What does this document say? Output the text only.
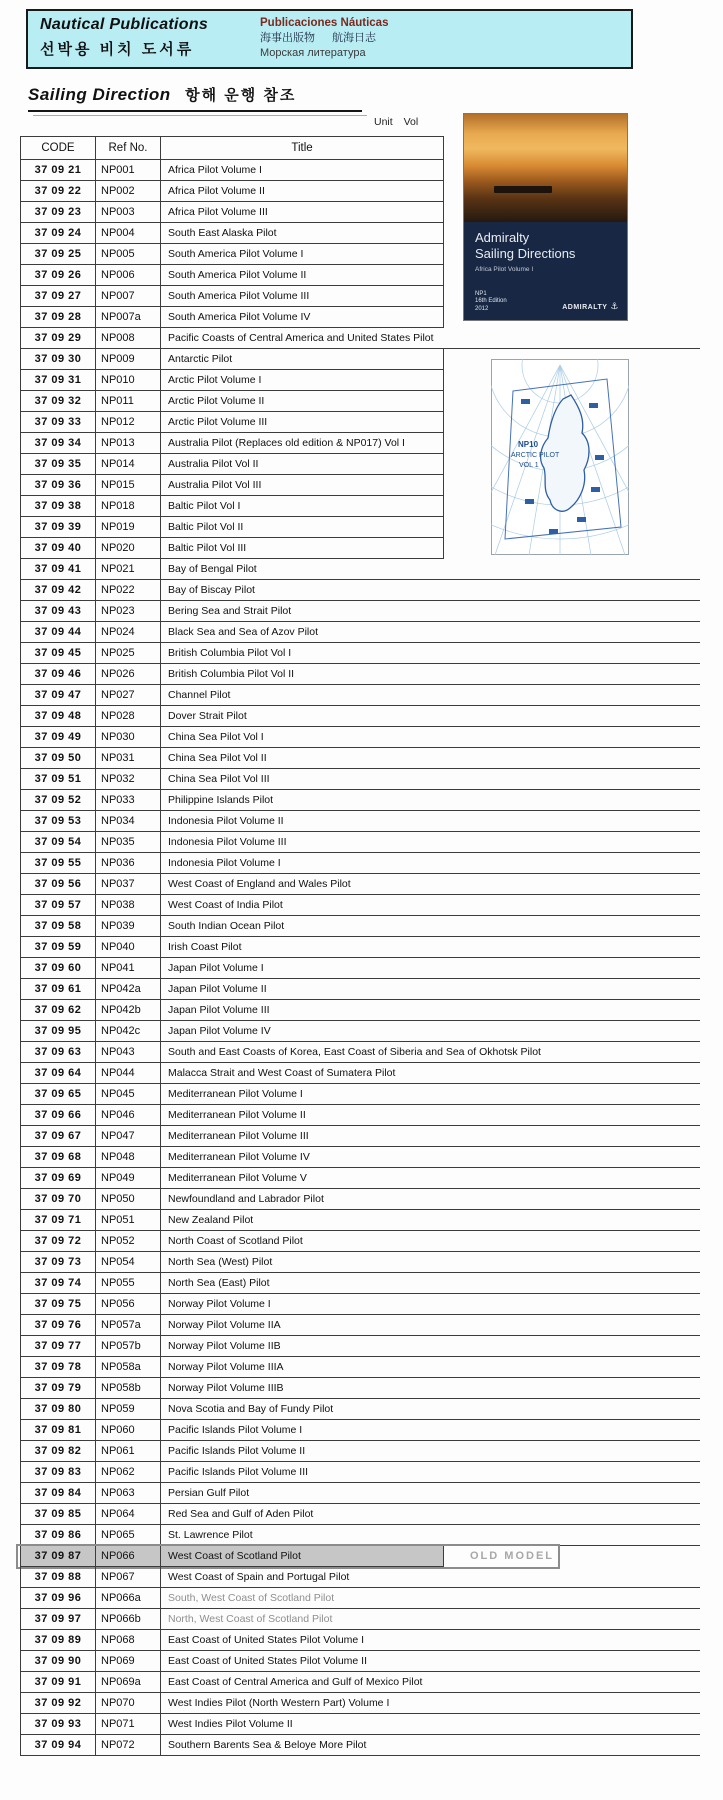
Nautical Publications
선박용 비치 도서류
Publicaciones Náuticas
海事出版物 航海日志
Морская литература
Sailing Direction 항해 운행 참조
Unit Vol
CODE	Ref No.	Title
37 09 21	NP001	Africa Pilot Volume I
37 09 22	NP002	Africa Pilot Volume II
37 09 23	NP003	Africa Pilot Volume III
37 09 24	NP004	South East Alaska Pilot
37 09 25	NP005	South America Pilot Volume I
37 09 26	NP006	South America Pilot Volume II
37 09 27	NP007	South America Pilot Volume III
37 09 28	NP007a	South America Pilot Volume IV
37 09 29	NP008	Pacific Coasts of Central America and United States Pilot
37 09 30	NP009	Antarctic Pilot
37 09 31	NP010	Arctic Pilot Volume I
37 09 32	NP011	Arctic Pilot Volume II
37 09 33	NP012	Arctic Pilot Volume III
37 09 34	NP013	Australia Pilot (Replaces old edition & NP017) Vol I
37 09 35	NP014	Australia Pilot Vol II
37 09 36	NP015	Australia Pilot Vol III
37 09 38	NP018	Baltic Pilot Vol I
37 09 39	NP019	Baltic Pilot Vol II
37 09 40	NP020	Baltic Pilot Vol III
37 09 41	NP021	Bay of Bengal Pilot
37 09 42	NP022	Bay of Biscay Pilot
37 09 43	NP023	Bering Sea and Strait Pilot
37 09 44	NP024	Black Sea and Sea of Azov Pilot
37 09 45	NP025	British Columbia Pilot Vol I
37 09 46	NP026	British Columbia Pilot Vol II
37 09 47	NP027	Channel Pilot
37 09 48	NP028	Dover Strait Pilot
37 09 49	NP030	China Sea Pilot Vol I
37 09 50	NP031	China Sea Pilot Vol II
37 09 51	NP032	China Sea Pilot Vol III
37 09 52	NP033	Philippine Islands Pilot
37 09 53	NP034	Indonesia Pilot Volume II
37 09 54	NP035	Indonesia Pilot Volume III
37 09 55	NP036	Indonesia Pilot Volume I
37 09 56	NP037	West Coast of England and Wales Pilot
37 09 57	NP038	West Coast of India Pilot
37 09 58	NP039	South Indian Ocean Pilot
37 09 59	NP040	Irish Coast Pilot
37 09 60	NP041	Japan Pilot Volume I
37 09 61	NP042a	Japan Pilot Volume II
37 09 62	NP042b	Japan Pilot Volume III
37 09 95	NP042c	Japan Pilot Volume IV
37 09 63	NP043	South and East Coasts of Korea, East Coast of Siberia and Sea of Okhotsk Pilot
37 09 64	NP044	Malacca Strait and West Coast of Sumatera Pilot
37 09 65	NP045	Mediterranean Pilot Volume I
37 09 66	NP046	Mediterranean Pilot Volume II
37 09 67	NP047	Mediterranean Pilot Volume III
37 09 68	NP048	Mediterranean Pilot Volume IV
37 09 69	NP049	Mediterranean Pilot Volume V
37 09 70	NP050	Newfoundland and Labrador Pilot
37 09 71	NP051	New Zealand Pilot
37 09 72	NP052	North Coast of Scotland Pilot
37 09 73	NP054	North Sea (West) Pilot
37 09 74	NP055	North Sea (East) Pilot
37 09 75	NP056	Norway Pilot Volume I
37 09 76	NP057a	Norway Pilot Volume IIA
37 09 77	NP057b	Norway Pilot Volume IIB
37 09 78	NP058a	Norway Pilot Volume IIIA
37 09 79	NP058b	Norway Pilot Volume IIIB
37 09 80	NP059	Nova Scotia and Bay of Fundy Pilot
37 09 81	NP060	Pacific Islands Pilot Volume I
37 09 82	NP061	Pacific Islands Pilot Volume II
37 09 83	NP062	Pacific Islands Pilot Volume III
37 09 84	NP063	Persian Gulf Pilot
37 09 85	NP064	Red Sea and Gulf of Aden Pilot
37 09 86	NP065	St. Lawrence Pilot
37 09 87	NP066	West Coast of Scotland Pilot	OLD MODEL
37 09 88	NP067	West Coast of Spain and Portugal Pilot
37 09 96	NP066a	South, West Coast of Scotland Pilot
37 09 97	NP066b	North, West Coast of Scotland Pilot
37 09 89	NP068	East Coast of United States Pilot Volume I
37 09 90	NP069	East Coast of United States Pilot Volume II
37 09 91	NP069a	East Coast of Central America and Gulf of Mexico Pilot
37 09 92	NP070	West Indies Pilot (North Western Part) Volume I
37 09 93	NP071	West Indies Pilot Volume II
37 09 94	NP072	Southern Barents Sea & Beloye More Pilot
Admiralty
Sailing Directions
Africa Pilot Volume I
NP1
16th Edition
2012	ADMIRALTY ⚓
NP10
ARCTIC PILOT
VOL 1
